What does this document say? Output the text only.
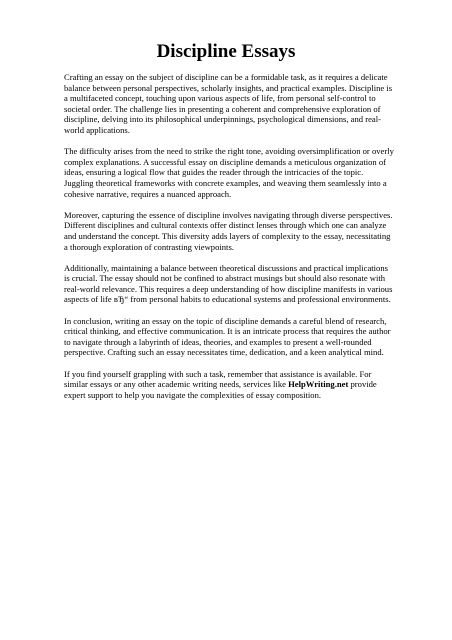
Discipline Essays

Crafting an essay on the subject of discipline can be a formidable task, as it requires a delicate balance between personal perspectives, scholarly insights, and practical examples. Discipline is a multifaceted concept, touching upon various aspects of life, from personal self-control to societal order. The challenge lies in presenting a coherent and comprehensive exploration of discipline, delving into its philosophical underpinnings, psychological dimensions, and real-world applications.

The difficulty arises from the need to strike the right tone, avoiding oversimplification or overly complex explanations. A successful essay on discipline demands a meticulous organization of ideas, ensuring a logical flow that guides the reader through the intricacies of the topic. Juggling theoretical frameworks with concrete examples, and weaving them seamlessly into a cohesive narrative, requires a nuanced approach.

Moreover, capturing the essence of discipline involves navigating through diverse perspectives. Different disciplines and cultural contexts offer distinct lenses through which one can analyze and understand the concept. This diversity adds layers of complexity to the essay, necessitating a thorough exploration of contrasting viewpoints.

Additionally, maintaining a balance between theoretical discussions and practical implications is crucial. The essay should not be confined to abstract musings but should also resonate with real-world relevance. This requires a deep understanding of how discipline manifests in various aspects of life вЂ“ from personal habits to educational systems and professional environments.

In conclusion, writing an essay on the topic of discipline demands a careful blend of research, critical thinking, and effective communication. It is an intricate process that requires the author to navigate through a labyrinth of ideas, theories, and examples to present a well-rounded perspective. Crafting such an essay necessitates time, dedication, and a keen analytical mind.

If you find yourself grappling with such a task, remember that assistance is available. For similar essays or any other academic writing needs, services like HelpWriting.net provide expert support to help you navigate the complexities of essay composition.
